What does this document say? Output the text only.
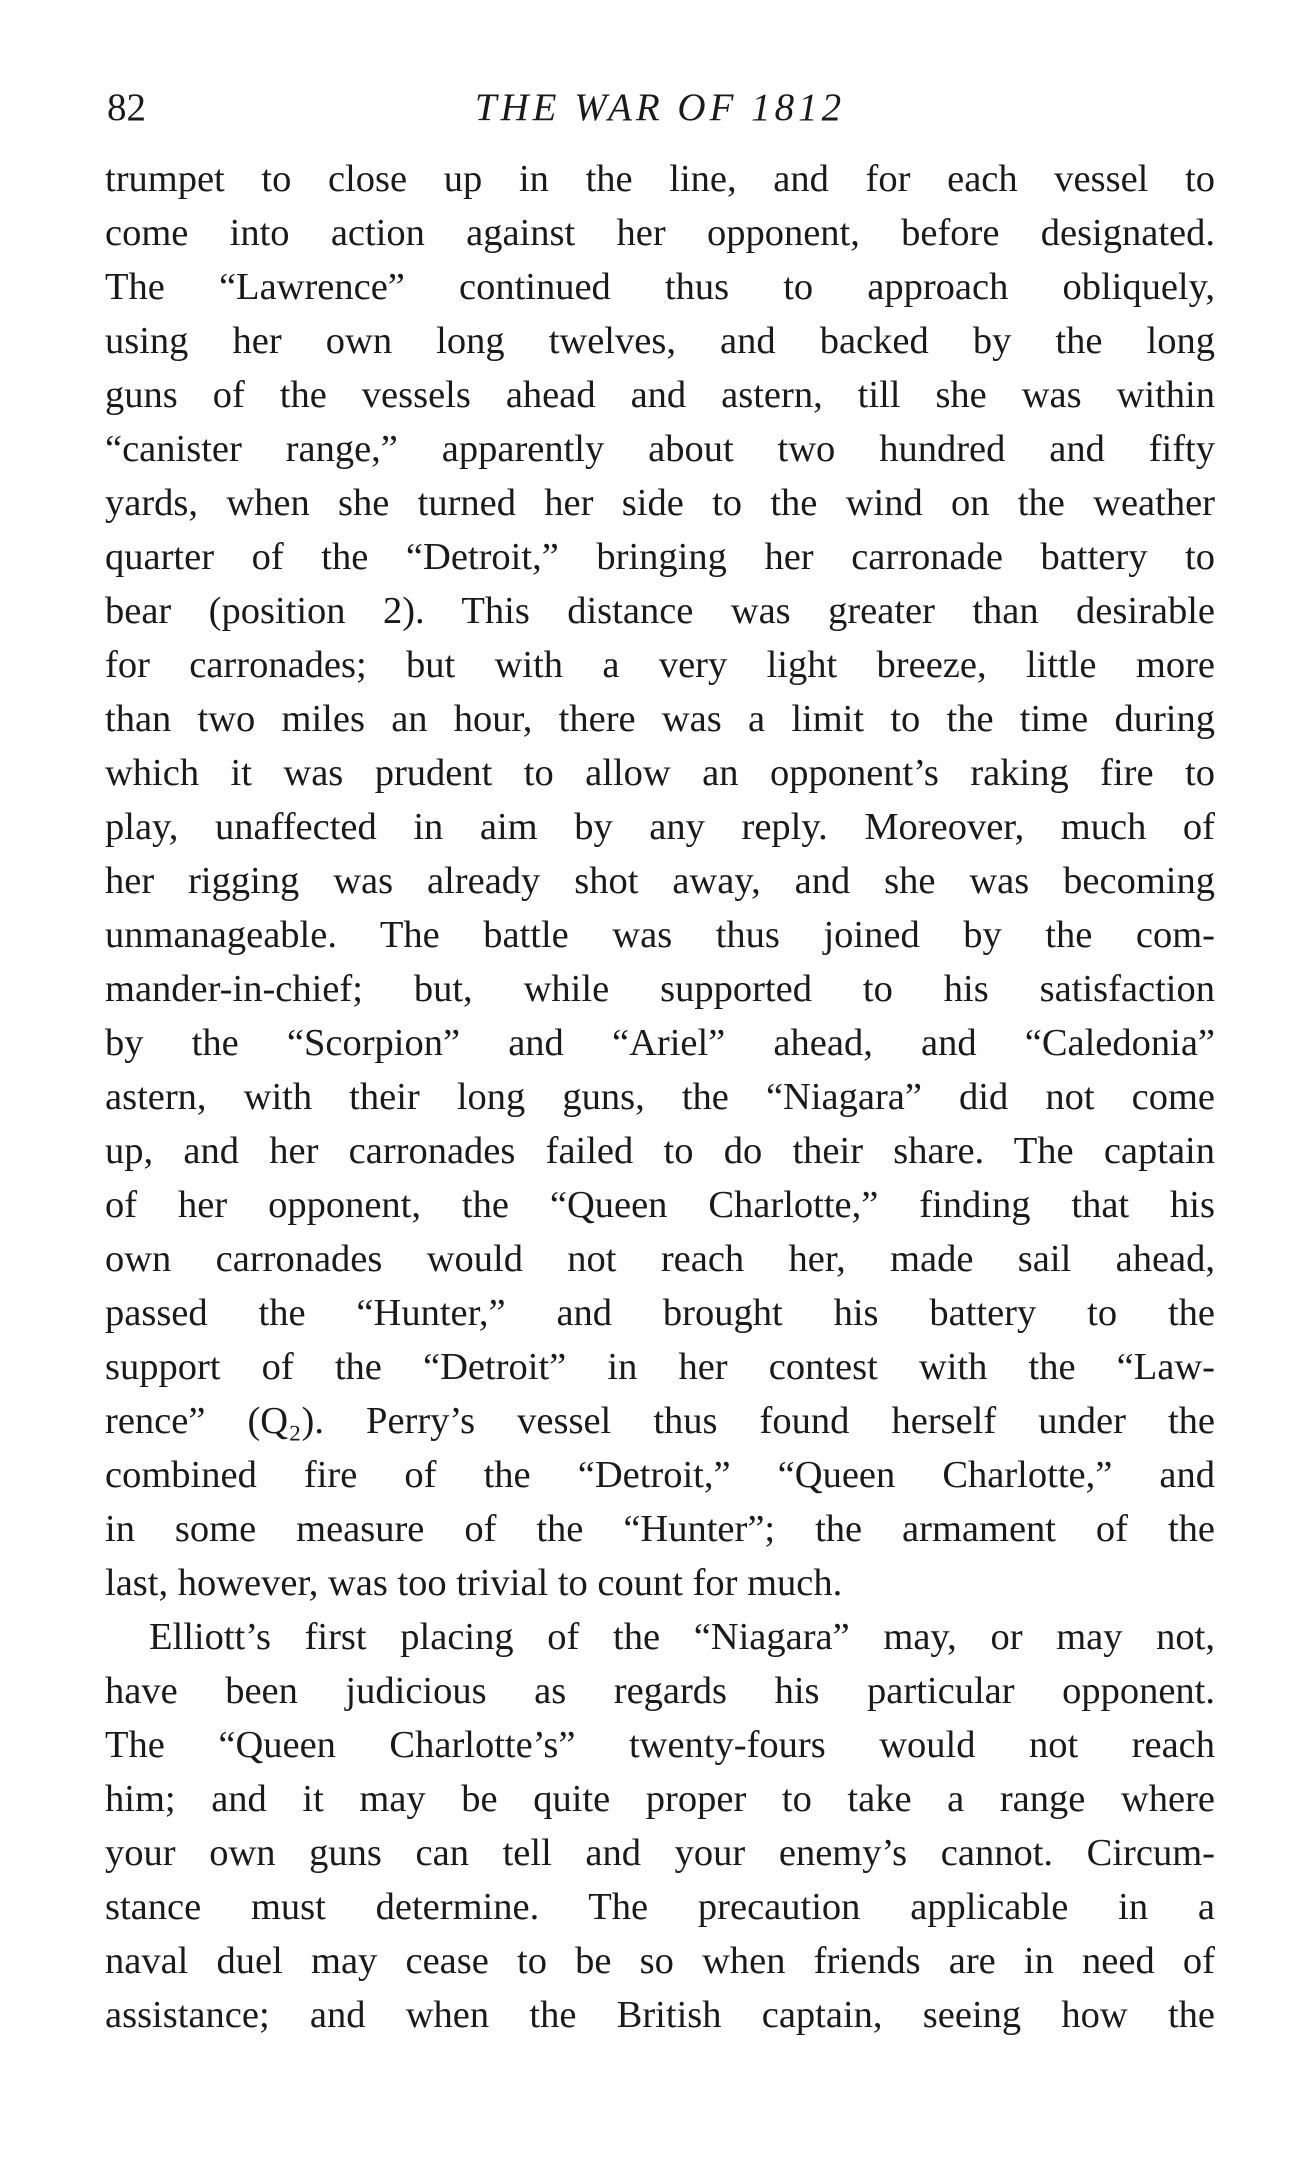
82	THE WAR OF 1812
trumpet to close up in the line, and for each vessel to
come into action against her opponent, before designated.
The “Lawrence” continued thus to approach obliquely,
using her own long twelves, and backed by the long
guns of the vessels ahead and astern, till she was within
“canister range,” apparently about two hundred and fifty
yards, when she turned her side to the wind on the weather
quarter of the “Detroit,” bringing her carronade battery to
bear (position 2). This distance was greater than desirable
for carronades; but with a very light breeze, little more
than two miles an hour, there was a limit to the time during
which it was prudent to allow an opponent’s raking fire to
play, unaffected in aim by any reply. Moreover, much of
her rigging was already shot away, and she was becoming
unmanageable. The battle was thus joined by the com-
mander-in-chief; but, while supported to his satisfaction
by the “Scorpion” and “Ariel” ahead, and “Caledonia”
astern, with their long guns, the “Niagara” did not come
up, and her carronades failed to do their share. The captain
of her opponent, the “Queen Charlotte,” finding that his
own carronades would not reach her, made sail ahead,
passed the “Hunter,” and brought his battery to the
support of the “Detroit” in her contest with the “Law-
rence” (Q₂). Perry’s vessel thus found herself under the
combined fire of the “Detroit,” “Queen Charlotte,” and
in some measure of the “Hunter”; the armament of the
last, however, was too trivial to count for much.
Elliott’s first placing of the “Niagara” may, or may not,
have been judicious as regards his particular opponent.
The “Queen Charlotte’s” twenty-fours would not reach
him; and it may be quite proper to take a range where
your own guns can tell and your enemy’s cannot. Circum-
stance must determine. The precaution applicable in a
naval duel may cease to be so when friends are in need of
assistance; and when the British captain, seeing how the
